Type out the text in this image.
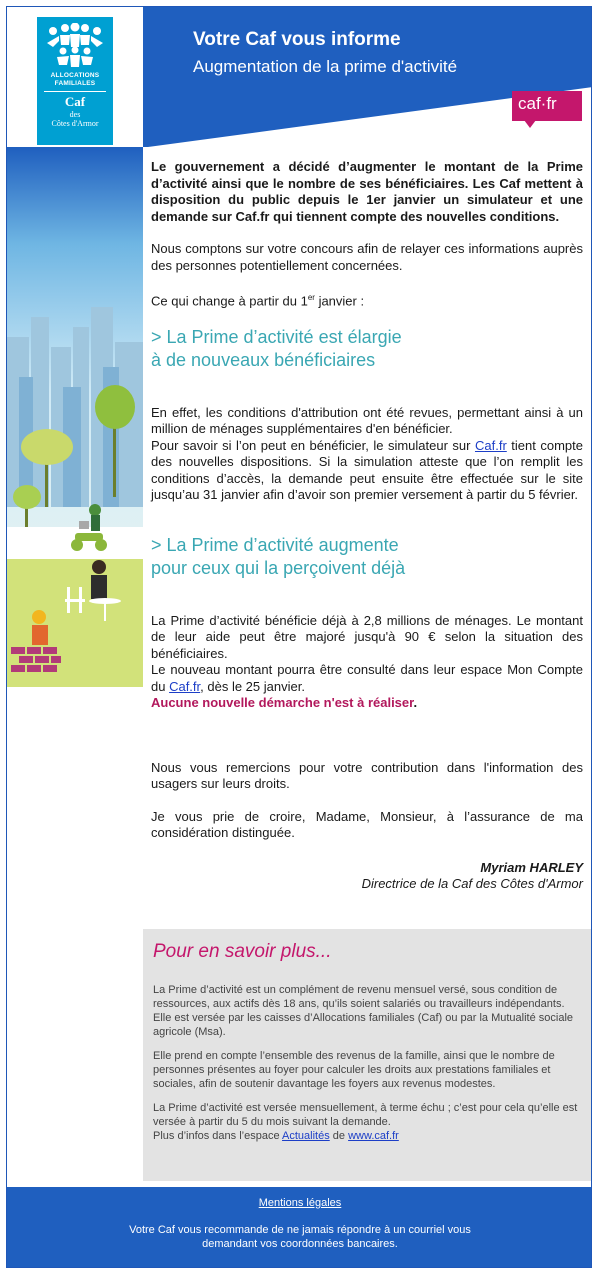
ALLOCATIONS
FAMILIALES
Caf
des
Côtes d'Armor
Votre Caf vous informe
Augmentation de la prime d'activité
caf·fr

Le gouvernement a décidé d’augmenter le montant de la Prime d’activité ainsi que le nombre de ses bénéficiaires. Les Caf mettent à disposition du public depuis le 1er janvier un simulateur et une demande sur Caf.fr qui tiennent compte des nouvelles conditions.

Nous comptons sur votre concours afin de relayer ces informations auprès des personnes potentiellement concernées.

Ce qui change à partir du 1er janvier :

> La Prime d’activité est élargie
à de nouveaux bénéficiaires

En effet, les conditions d'attribution ont été revues, permettant ainsi à un million de ménages supplémentaires d'en bénéficier.
Pour savoir si l’on peut en bénéficier, le simulateur sur Caf.fr tient compte des nouvelles dispositions. Si la simulation atteste que l’on remplit les conditions d’accès, la demande peut ensuite être effectuée sur le site jusqu’au 31 janvier afin d’avoir son premier versement à partir du 5 février.

> La Prime d’activité augmente
pour ceux qui la perçoivent déjà

La Prime d’activité bénéficie déjà à 2,8 millions de ménages. Le montant de leur aide peut être majoré jusqu'à 90 € selon la situation des bénéficiaires.
Le nouveau montant pourra être consulté dans leur espace Mon Compte du Caf.fr, dès le 25 janvier.
Aucune nouvelle démarche n'est à réaliser.

Nous vous remercions pour votre contribution dans l'information des usagers sur leurs droits.

Je vous prie de croire, Madame, Monsieur, à l’assurance de ma considération distinguée.

Myriam HARLEY

Directrice de la Caf des Côtes d'Armor

Pour en savoir plus...

La Prime d’activité est un complément de revenu mensuel versé, sous condition de ressources, aux actifs dès 18 ans, qu’ils soient salariés ou travailleurs indépendants. Elle est versée par les caisses d’Allocations familiales (Caf) ou par la Mutualité sociale agricole (Msa).

Elle prend en compte l’ensemble des revenus de la famille, ainsi que le nombre de personnes présentes au foyer pour calculer les droits aux prestations familiales et sociales, afin de soutenir davantage les foyers aux revenus modestes.

La Prime d’activité est versée mensuellement, à terme échu ; c’est pour cela qu’elle est versée à partir du 5 du mois suivant la demande.
Plus d’infos dans l’espace Actualités de www.caf.fr

Mentions légales
Votre Caf vous recommande de ne jamais répondre à un courriel vous
demandant vos coordonnées bancaires.
